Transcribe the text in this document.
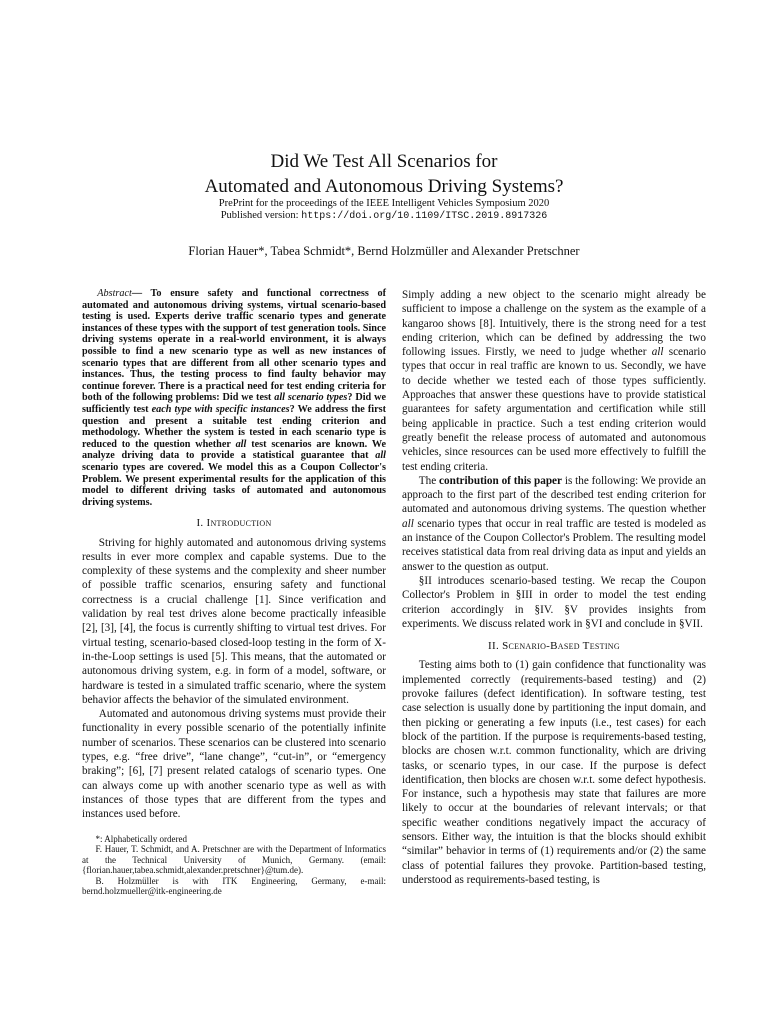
Did We Test All Scenarios for
Automated and Autonomous Driving Systems?
PrePrint for the proceedings of the IEEE Intelligent Vehicles Symposium 2020
Published version: https://doi.org/10.1109/ITSC.2019.8917326
Florian Hauer*, Tabea Schmidt*, Bernd Holzmüller and Alexander Pretschner

Abstract— To ensure safety and functional correctness of automated and autonomous driving systems, virtual scenario-based testing is used. Experts derive traffic scenario types and generate instances of these types with the support of test generation tools. Since driving systems operate in a real-world environment, it is always possible to find a new scenario type as well as new instances of scenario types that are different from all other scenario types and instances. Thus, the testing process to find faulty behavior may continue forever. There is a practical need for test ending criteria for both of the following problems: Did we test all scenario types? Did we sufficiently test each type with specific instances? We address the first question and present a suitable test ending criterion and methodology. Whether the system is tested in each scenario type is reduced to the question whether all test scenarios are known. We analyze driving data to provide a statistical guarantee that all scenario types are covered. We model this as a Coupon Collector's Problem. We present experimental results for the application of this model to different driving tasks of automated and autonomous driving systems.

I. Introduction

Striving for highly automated and autonomous driving systems results in ever more complex and capable systems. Due to the complexity of these systems and the complexity and sheer number of possible traffic scenarios, ensuring safety and functional correctness is a crucial challenge [1]. Since verification and validation by real test drives alone become practically infeasible [2], [3], [4], the focus is currently shifting to virtual test drives. For virtual testing, scenario-based closed-loop testing in the form of X-in-the-Loop settings is used [5]. This means, that the automated or autonomous driving system, e.g. in form of a model, software, or hardware is tested in a simulated traffic scenario, where the system behavior affects the behavior of the simulated environment.

Automated and autonomous driving systems must provide their functionality in every possible scenario of the potentially infinite number of scenarios. These scenarios can be clustered into scenario types, e.g. “free drive”, “lane change”, “cut-in”, or “emergency braking”; [6], [7] present related catalogs of scenario types. One can always come up with another scenario type as well as with instances of those types that are different from the types and instances used before.

*: Alphabetically ordered

F. Hauer, T. Schmidt, and A. Pretschner are with the Department of Informatics at the Technical University of Munich, Germany. (email: {florian.hauer,tabea.schmidt,alexander.pretschner}@tum.de).

B. Holzmüller is with ITK Engineering, Germany, e-mail: bernd.holzmueller@itk-engineering.de

Simply adding a new object to the scenario might already be sufficient to impose a challenge on the system as the example of a kangaroo shows [8]. Intuitively, there is the strong need for a test ending criterion, which can be defined by addressing the two following issues. Firstly, we need to judge whether all scenario types that occur in real traffic are known to us. Secondly, we have to decide whether we tested each of those types sufficiently. Approaches that answer these questions have to provide statistical guarantees for safety argumentation and certification while still being applicable in practice. Such a test ending criterion would greatly benefit the release process of automated and autonomous vehicles, since resources can be used more effectively to fulfill the test ending criteria.

The contribution of this paper is the following: We provide an approach to the first part of the described test ending criterion for automated and autonomous driving systems. The question whether all scenario types that occur in real traffic are tested is modeled as an instance of the Coupon Collector's Problem. The resulting model receives statistical data from real driving data as input and yields an answer to the question as output.

§II introduces scenario-based testing. We recap the Coupon Collector's Problem in §III in order to model the test ending criterion accordingly in §IV. §V provides insights from experiments. We discuss related work in §VI and conclude in §VII.

II. Scenario-Based Testing

Testing aims both to (1) gain confidence that functionality was implemented correctly (requirements-based testing) and (2) provoke failures (defect identification). In software testing, test case selection is usually done by partitioning the input domain, and then picking or generating a few inputs (i.e., test cases) for each block of the partition. If the purpose is requirements-based testing, blocks are chosen w.r.t. common functionality, which are driving tasks, or scenario types, in our case. If the purpose is defect identification, then blocks are chosen w.r.t. some defect hypothesis. For instance, such a hypothesis may state that failures are more likely to occur at the boundaries of relevant intervals; or that specific weather conditions negatively impact the accuracy of sensors. Either way, the intuition is that the blocks should exhibit “similar” behavior in terms of (1) requirements and/or (2) the same class of potential failures they provoke. Partition-based testing, understood as requirements-based testing, is
